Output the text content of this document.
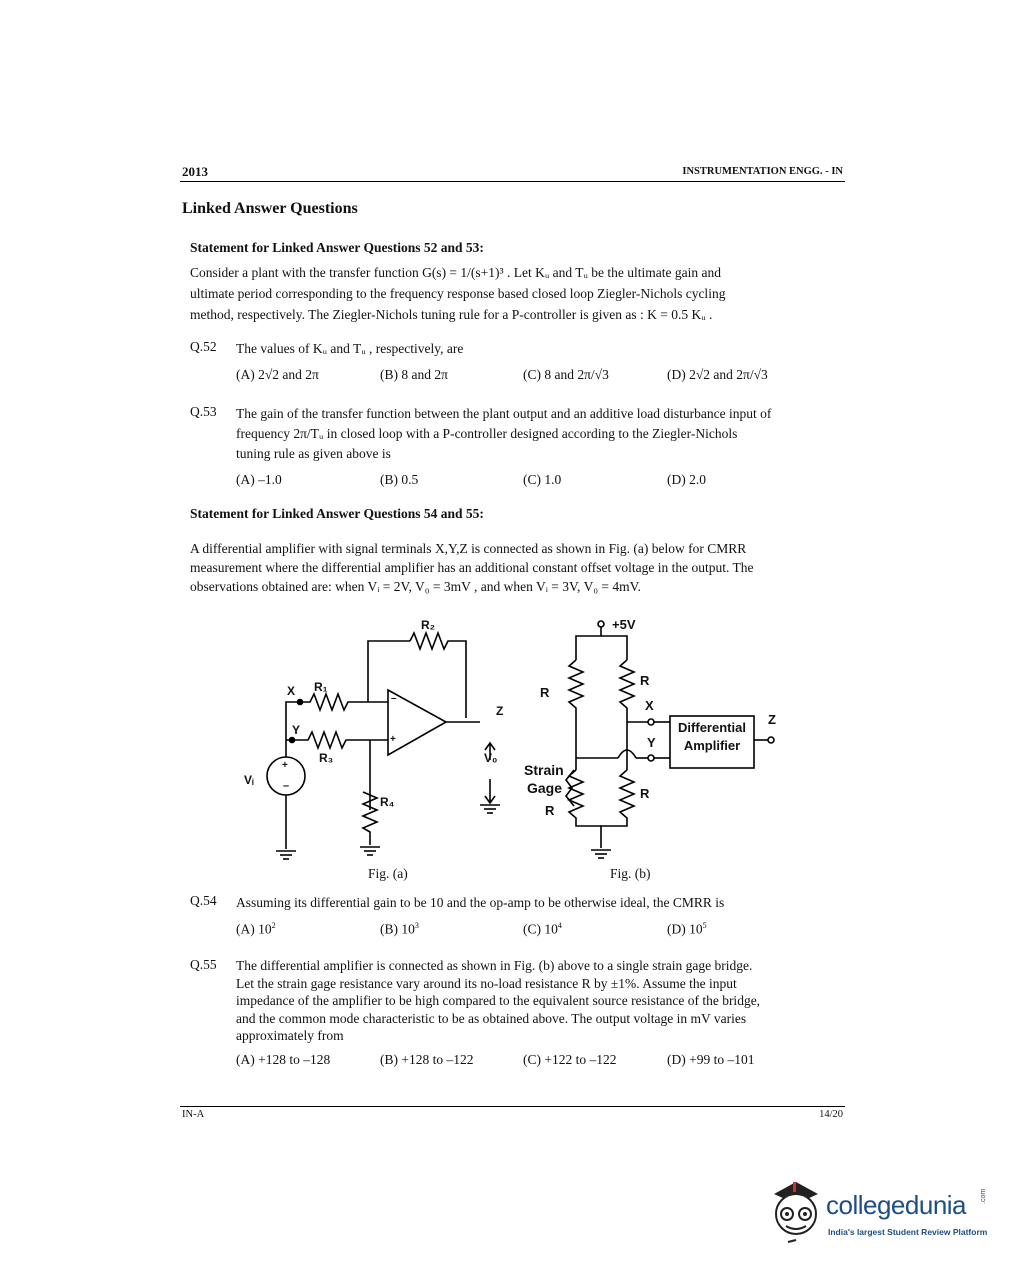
2013	INSTRUMENTATION ENGG. - IN
Linked Answer Questions
Statement for Linked Answer Questions 52 and 53:
Consider a plant with the transfer function G(s) = 1/(s+1)³ . Let Kᵤ and Tᵤ be the ultimate gain and
ultimate period corresponding to the frequency response based closed loop Ziegler-Nichols cycling
method, respectively. The Ziegler-Nichols tuning rule for a P-controller is given as : K = 0.5 Kᵤ .
Q.52 The values of Kᵤ and Tᵤ , respectively, are
(A) 2√2 and 2π	(B) 8 and 2π	(C) 8 and 2π/√3	(D) 2√2 and 2π/√3
Q.53 The gain of the transfer function between the plant output and an additive load disturbance input of
frequency 2π/Tᵤ in closed loop with a P-controller designed according to the Ziegler-Nichols
tuning rule as given above is
(A) –1.0	(B) 0.5	(C) 1.0	(D) 2.0
Statement for Linked Answer Questions 54 and 55:
A differential amplifier with signal terminals X,Y,Z is connected as shown in Fig. (a) below for CMRR
measurement where the differential amplifier has an additional constant offset voltage in the output. The
observations obtained are: when Vᵢ = 2V, V₀ = 3mV , and when Vᵢ = 3V, V₀ = 4mV.
R₂
R₁
X
Y
R₃
R₄
Vᵢ
+
–
–
+
V₀
Z
Fig. (a)
+5V
R
R
X
Y
Z
Strain
Gage
R
R
Differential
Amplifier
Fig. (b)
Q.54 Assuming its differential gain to be 10 and the op-amp to be otherwise ideal, the CMRR is
(A) $10^2$	(B) $10^3$	(C) $10^4$	(D) $10^5$
Q.55 The differential amplifier is connected as shown in Fig. (b) above to a single strain gage bridge.
Let the strain gage resistance vary around its no-load resistance R by ±1%. Assume the input
impedance of the amplifier to be high compared to the equivalent source resistance of the bridge,
and the common mode characteristic to be as obtained above. The output voltage in mV varies
approximately from
(A) +128 to –128	(B) +128 to –122	(C) +122 to –122	(D) +99 to –101
IN-A	14/20
collegedunia .com
India's largest Student Review Platform
